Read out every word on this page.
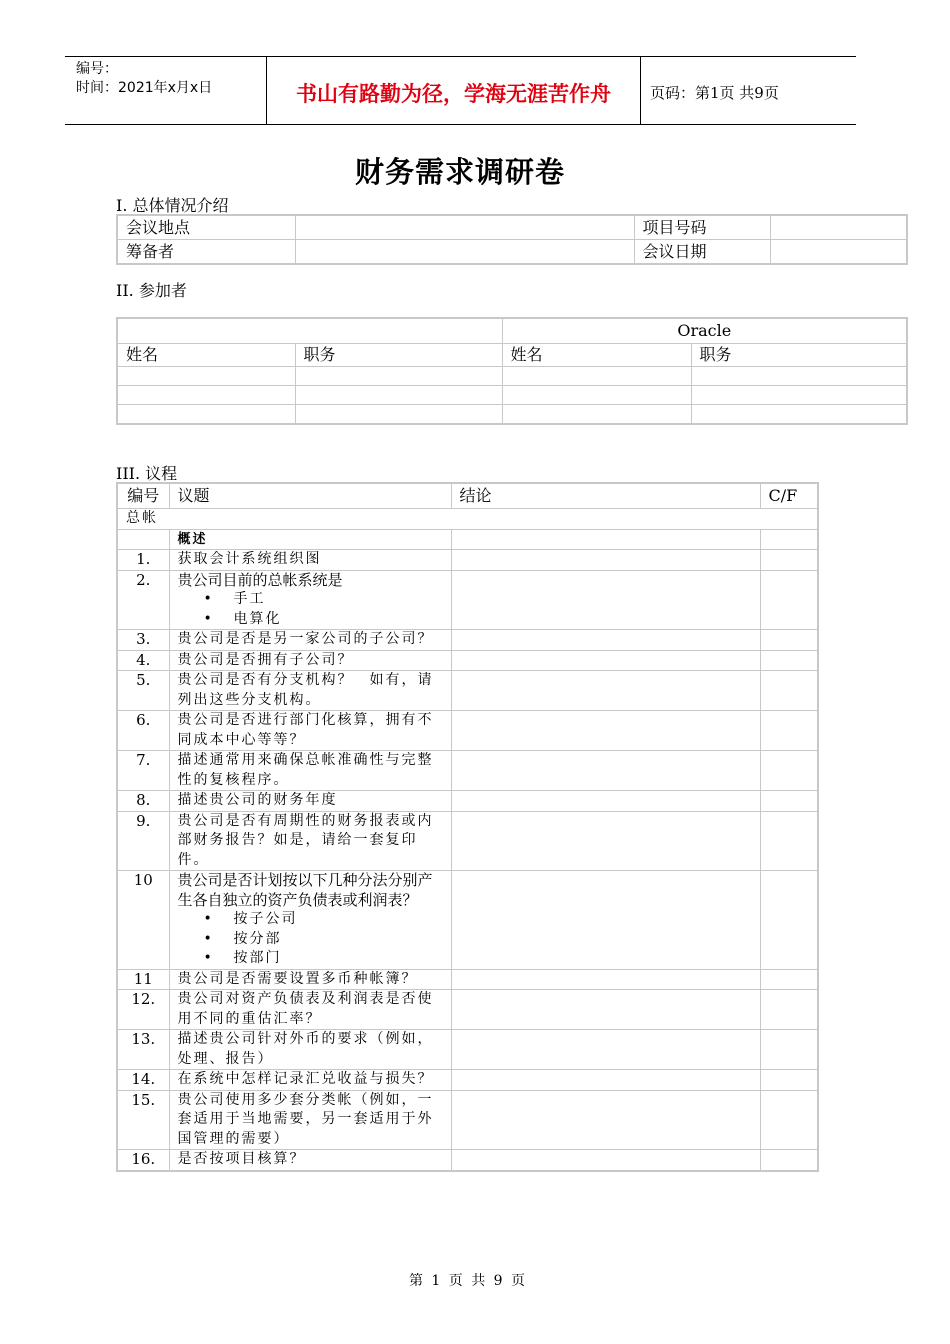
编号：
时间：2021年x月x日	书山有路勤为径，学海无涯苦作舟	页码：第1页 共9页
财务需求调研卷
I. 总体情况介绍
会议地点		项目号码	
筹备者		会议日期	
II. 参加者
		Oracle	
姓名	职务	姓名	职务

III. 议程
编号	议题	结论	C/F
总帐			
	概述		
1.	获取会计系统组织图		

2.	贵公司目前的总帐系统是
• 手工
• 电算化		

3.	贵公司是否是另一家公司的子公司？		

4.	贵公司是否拥有子公司？		

5.	贵公司是否有分支机构？　如有，请列出这些分支机构。		

6.	贵公司是否进行部门化核算，拥有不同成本中心等等？		

7.	描述通常用来确保总帐准确性与完整性的复核程序。		

8.	描述贵公司的财务年度		

9.	贵公司是否有周期性的财务报表或内部财务报告？如是，请给一套复印件。		

10	贵公司是否计划按以下几种分法分别产生各自独立的资产负债表或利润表？
• 按子公司
• 按分部
• 按部门		

11	贵公司是否需要设置多币种帐簿？		

12.	贵公司对资产负债表及利润表是否使用不同的重估汇率？		

13.	描述贵公司针对外币的要求（例如，处理、报告）		

14.	在系统中怎样记录汇兑收益与损失？		

15.	贵公司使用多少套分类帐（例如，一套适用于当地需要，另一套适用于外国管理的需要）		

16.	是否按项目核算？		

第 1 页 共 9 页
